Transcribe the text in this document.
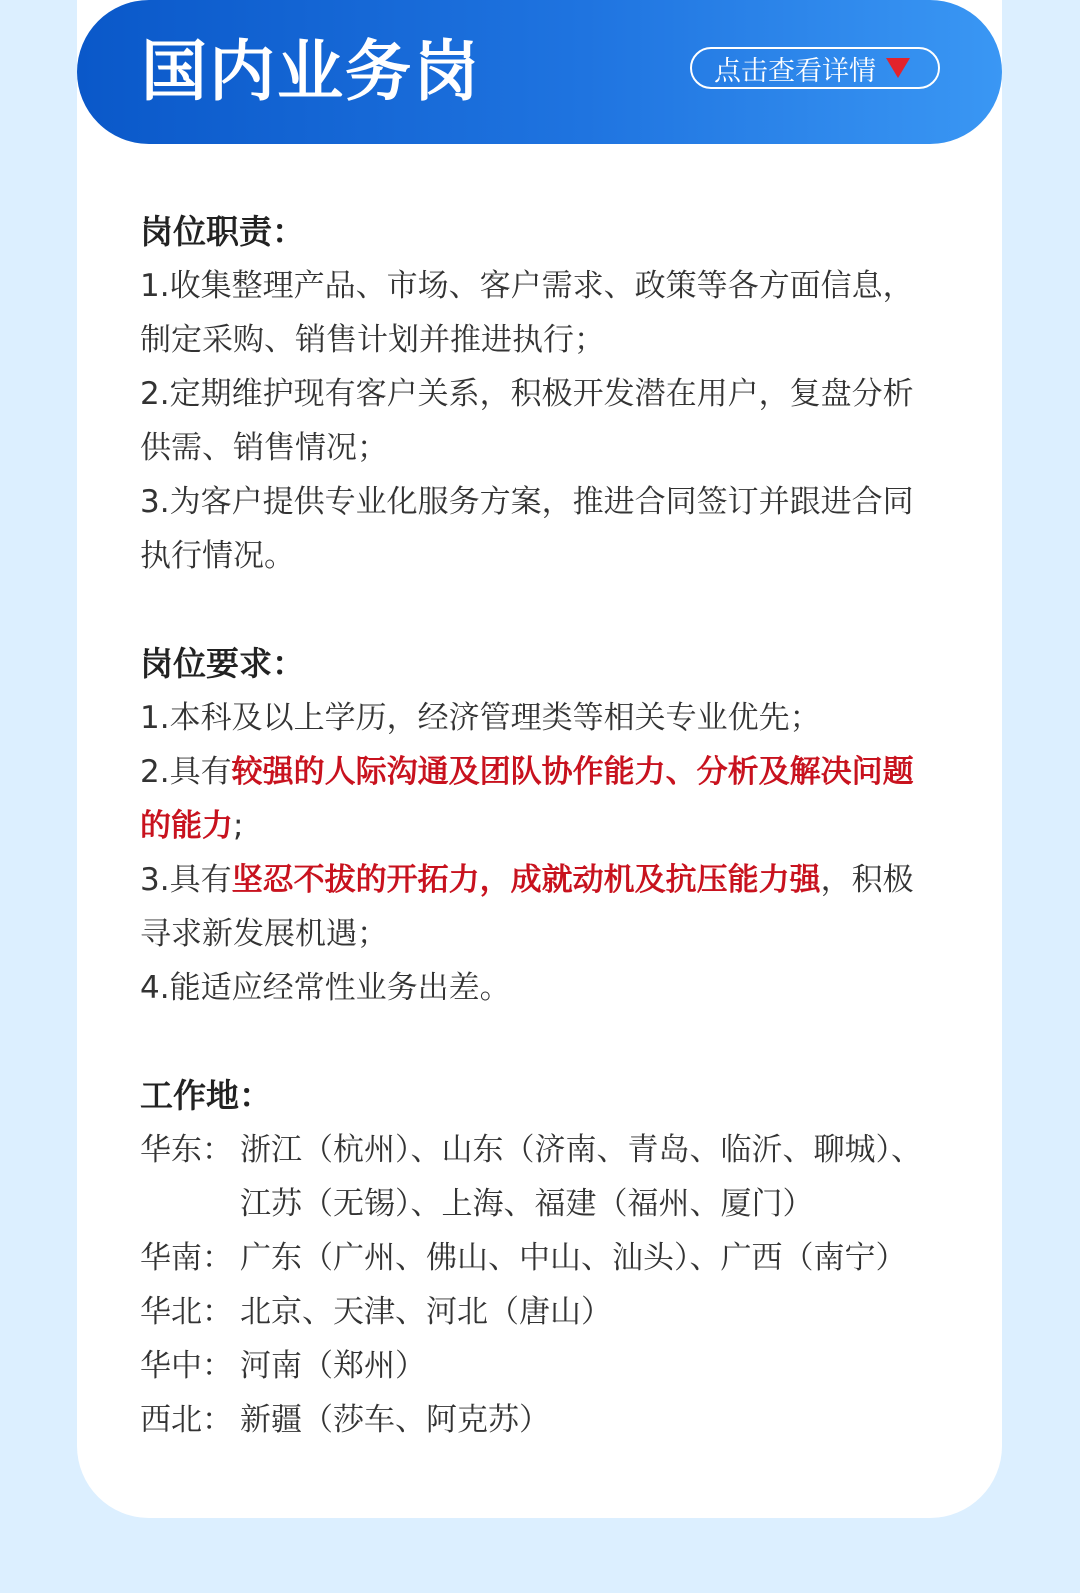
国内业务岗	点击查看详情

岗位职责：

1.收集整理产品、市场、客户需求、政策等各方面信息，制定采购、销售计划并推进执行；

2.定期维护现有客户关系，积极开发潜在用户，复盘分析供需、销售情况；

3.为客户提供专业化服务方案，推进合同签订并跟进合同执行情况。

岗位要求：

1.本科及以上学历，经济管理类等相关专业优先；

2.具有较强的人际沟通及团队协作能力、分析及解决问题的能力;

3.具有坚忍不拔的开拓力，成就动机及抗压能力强，积极寻求新发展机遇；

4.能适应经常性业务出差。

工作地：

华东： 浙江（杭州）、山东（济南、青岛、临沂、聊城）、江苏（无锡）、上海、福建（福州、厦门）
华南： 广东（广州、佛山、中山、汕头）、广西（南宁）
华北： 北京、天津、河北（唐山）
华中： 河南（郑州）
西北： 新疆（莎车、阿克苏）
